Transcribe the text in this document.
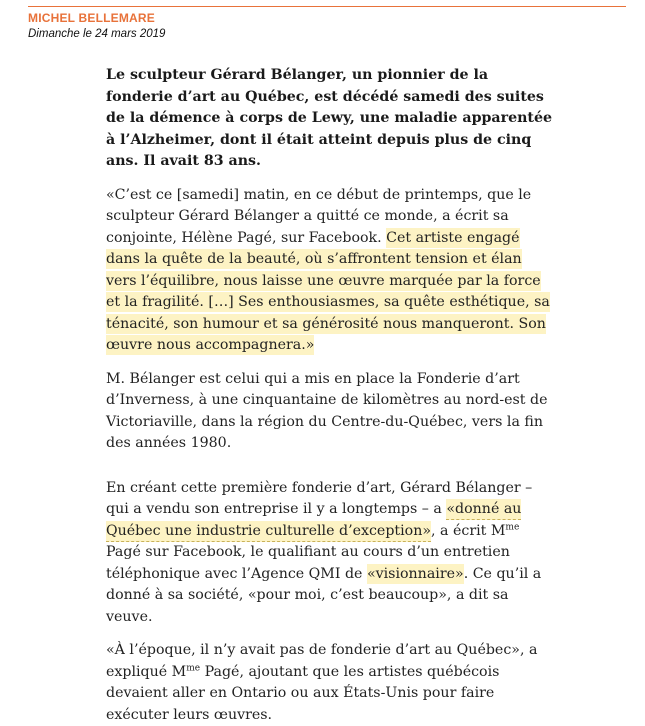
MICHEL BELLEMARE
Dimanche le 24 mars 2019

Le sculpteur Gérard Bélanger, un pionnier de la fonderie d’art au Québec, est décédé samedi des suites de la démence à corps de Lewy, une maladie apparentée à l’Alzheimer, dont il était atteint depuis plus de cinq ans. Il avait 83 ans.

«C’est ce [samedi] matin, en ce début de printemps, que le sculpteur Gérard Bélanger a quitté ce monde, a écrit sa conjointe, Hélène Pagé, sur Facebook. Cet artiste engagé dans la quête de la beauté, où s’affrontent tension et élan vers l’équilibre, nous laisse une œuvre marquée par la force et la fragilité. […] Ses enthousiasmes, sa quête esthétique, sa ténacité, son humour et sa générosité nous manqueront. Son œuvre nous accompagnera.»

M. Bélanger est celui qui a mis en place la Fonderie d’art d’Inverness, à une cinquantaine de kilomètres au nord-est de Victoriaville, dans la région du Centre-du-Québec, vers la fin des années 1980.

En créant cette première fonderie d’art, Gérard Bélanger – qui a vendu son entreprise il y a longtemps – a «donné au Québec une industrie culturelle d’exception», a écrit $M^{me}$ Pagé sur Facebook, le qualifiant au cours d’un entretien téléphonique avec l’Agence QMI de «visionnaire». Ce qu’il a donné à sa société, «pour moi, c’est beaucoup», a dit sa veuve.

«À l’époque, il n’y avait pas de fonderie d’art au Québec», a expliqué $M^{me}$ Pagé, ajoutant que les artistes québécois devaient aller en Ontario ou aux États-Unis pour faire exécuter leurs œuvres.
